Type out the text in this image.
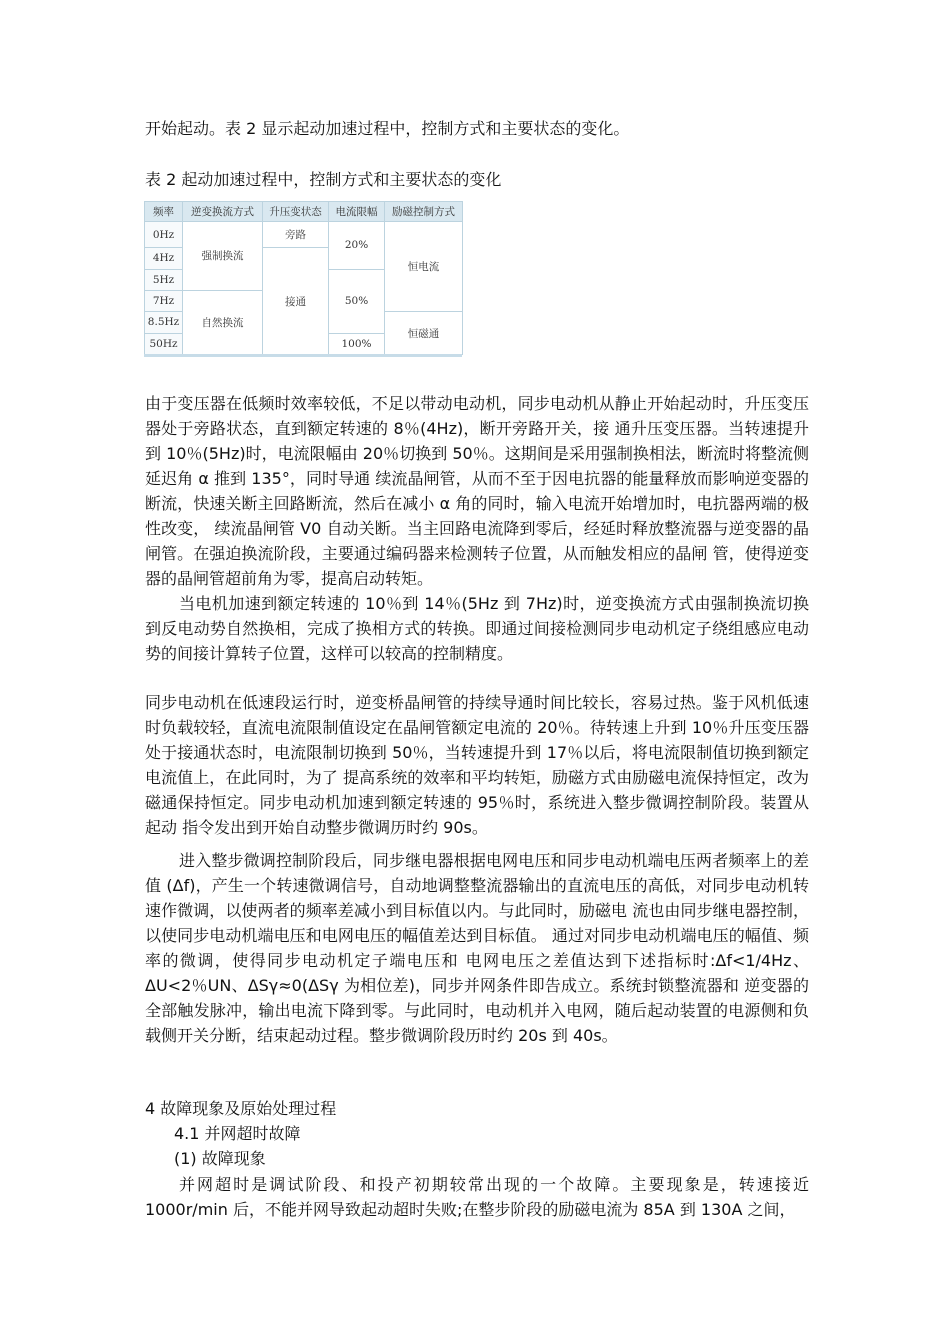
开始起动。表 2 显示起动加速过程中，控制方式和主要状态的变化。

表 2 起动加速过程中，控制方式和主要状态的变化

频率	逆变换流方式	升压变状态	电流限幅	励磁控制方式
0Hz	强制换流	旁路	20%	恒电流
4Hz		接通		
5Hz			50%	
7Hz	自然换流			
8.5Hz				恒磁通
50Hz			100%	

由于变压器在低频时效率较低，不足以带动电动机，同步电动机从静止开始起动时，升压变压器处于旁路状态，直到额定转速的 8％(4Hz)，断开旁路开关，接 通升压变压器。当转速提升到 10％(5Hz)时，电流限幅由 20％切换到 50％。这期间是采用强制换相法，断流时将整流侧延迟角 α 推到 135°，同时导通 续流晶闸管，从而不至于因电抗器的能量释放而影响逆变器的断流，快速关断主回路断流，然后在减小 α 角的同时，输入电流开始增加时，电抗器两端的极性改变， 续流晶闸管 V0 自动关断。当主回路电流降到零后，经延时释放整流器与逆变器的晶闸管。在强迫换流阶段，主要通过编码器来检测转子位置，从而触发相应的晶闸 管，使得逆变器的晶闸管超前角为零，提高启动转矩。

当电机加速到额定转速的 10％到 14％(5Hz 到 7Hz)时，逆变换流方式由强制换流切换到反电动势自然换相，完成了换相方式的转换。即通过间接检测同步电动机定子绕组感应电动势的间接计算转子位置，这样可以较高的控制精度。

同步电动机在低速段运行时，逆变桥晶闸管的持续导通时间比较长，容易过热。鉴于风机低速时负载较轻，直流电流限制值设定在晶闸管额定电流的 20％。待转速上升到 10％升压变压器处于接通状态时，电流限制切换到 50％，当转速提升到 17％以后，将电流限制值切换到额定电流值上，在此同时，为了 提高系统的效率和平均转矩，励磁方式由励磁电流保持恒定，改为磁通保持恒定。同步电动机加速到额定转速的 95％时，系统进入整步微调控制阶段。装置从起动 指令发出到开始自动整步微调历时约 90s。

进入整步微调控制阶段后，同步继电器根据电网电压和同步电动机端电压两者频率上的差值 (Δf)，产生一个转速微调信号，自动地调整整流器输出的直流电压的高低，对同步电动机转速作微调，以使两者的频率差减小到目标值以内。与此同时，励磁电 流也由同步继电器控制，以使同步电动机端电压和电网电压的幅值差达到目标值。 通过对同步电动机端电压的幅值、频率的微调，使得同步电动机定子端电压和 电网电压之差值达到下述指标时:Δf<1/4Hz、ΔU<2％UN、ΔSγ≈0(ΔSγ 为相位差)，同步并网条件即告成立。系统封锁整流器和 逆变器的全部触发脉冲，输出电流下降到零。与此同时，电动机并入电网，随后起动装置的电源侧和负载侧开关分断，结束起动过程。整步微调阶段历时约 20s 到 40s。

4 故障现象及原始处理过程

4.1 并网超时故障

(1) 故障现象

并网超时是调试阶段、和投产初期较常出现的一个故障。主要现象是，转速接近 1000r/min 后，不能并网导致起动超时失败;在整步阶段的励磁电流为 85A 到 130A 之间，
